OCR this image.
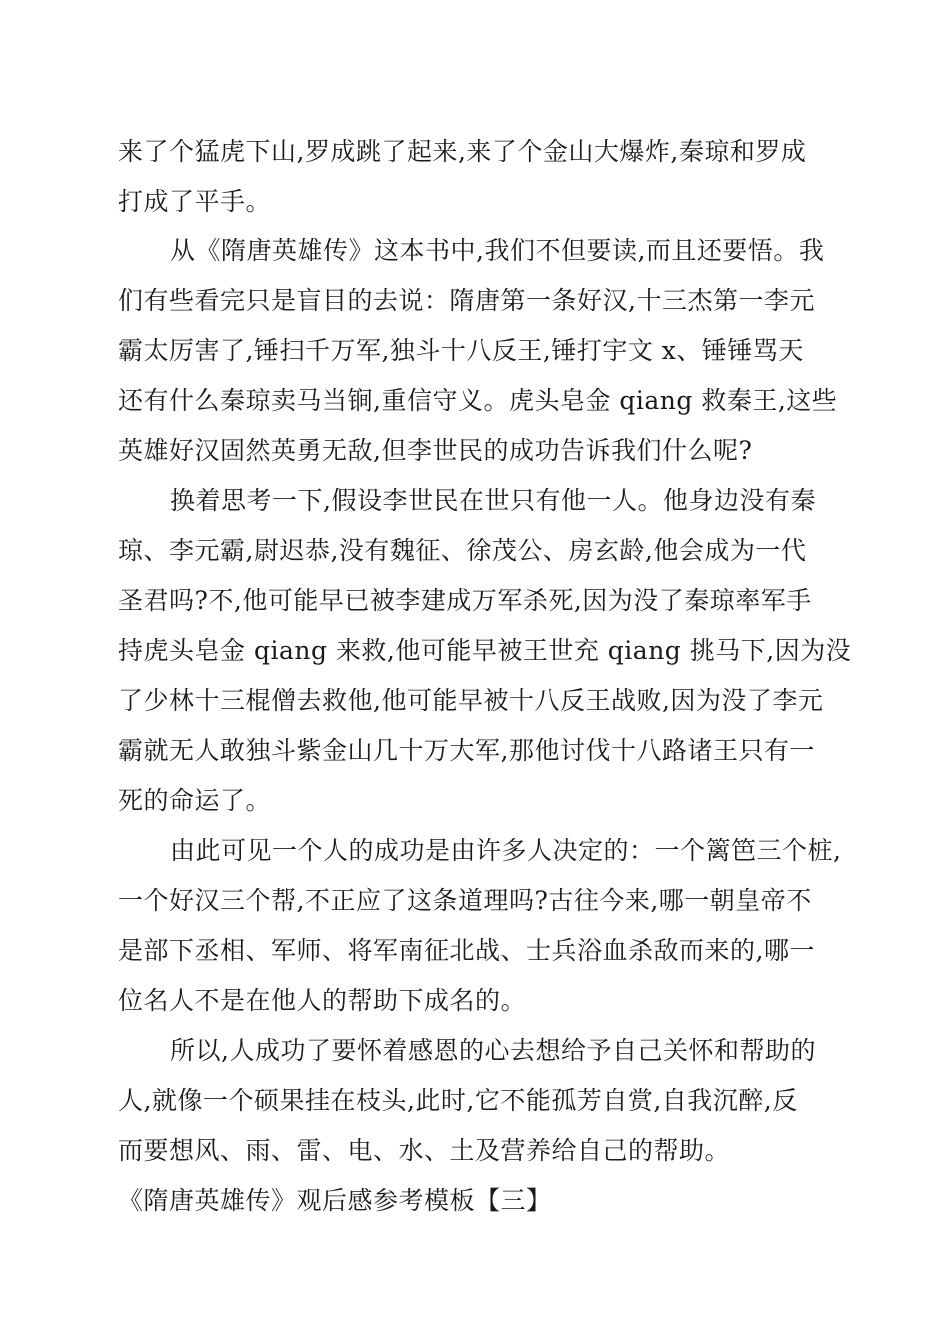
来了个猛虎下山,罗成跳了起来,来了个金山大爆炸,秦琼和罗成
打成了平手。
从《隋唐英雄传》这本书中,我们不但要读,而且还要悟。我
们有些看完只是盲目的去说：隋唐第一条好汉,十三杰第一李元
霸太厉害了,锤扫千万军,独斗十八反王,锤打宇文 x、锤锤骂天
还有什么秦琼卖马当锏,重信守义。虎头皂金 qiang 救秦王,这些
英雄好汉固然英勇无敌,但李世民的成功告诉我们什么呢?
换着思考一下,假设李世民在世只有他一人。他身边没有秦
琼、李元霸,尉迟恭,没有魏征、徐茂公、房玄龄,他会成为一代
圣君吗?不,他可能早已被李建成万军杀死,因为没了秦琼率军手
持虎头皂金 qiang 来救,他可能早被王世充 qiang 挑马下,因为没
了少林十三棍僧去救他,他可能早被十八反王战败,因为没了李元
霸就无人敢独斗紫金山几十万大军,那他讨伐十八路诸王只有一
死的命运了。
由此可见一个人的成功是由许多人决定的：一个篱笆三个桩,
一个好汉三个帮,不正应了这条道理吗?古往今来,哪一朝皇帝不
是部下丞相、军师、将军南征北战、士兵浴血杀敌而来的,哪一
位名人不是在他人的帮助下成名的。
所以,人成功了要怀着感恩的心去想给予自己关怀和帮助的
人,就像一个硕果挂在枝头,此时,它不能孤芳自赏,自我沉醉,反
而要想风、雨、雷、电、水、土及营养给自己的帮助。
《隋唐英雄传》观后感参考模板【三】
